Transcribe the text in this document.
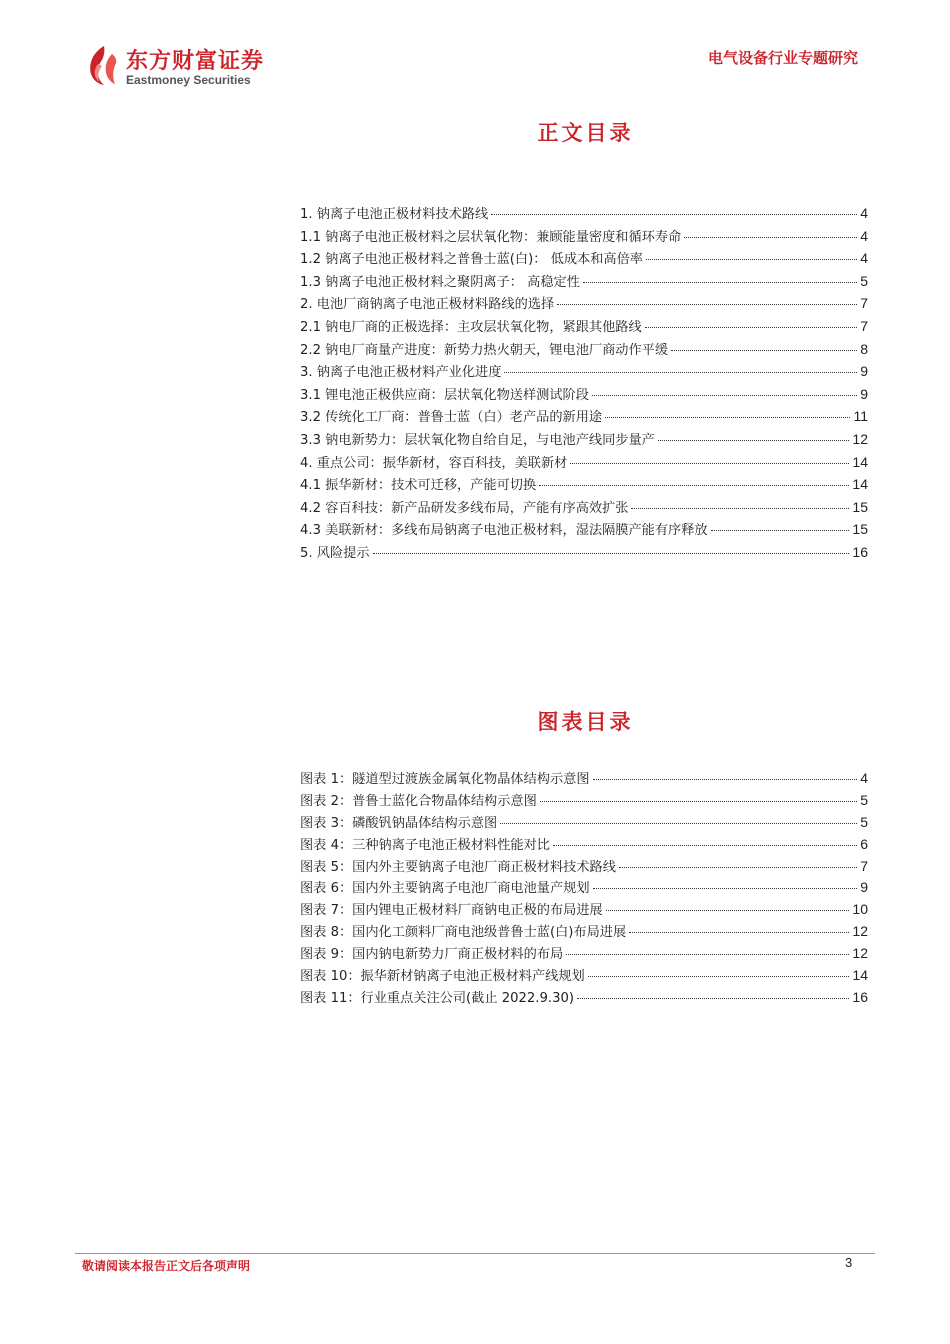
东方财富证券
Eastmoney Securities
电气设备行业专题研究
正文目录
1. 钠离子电池正极材料技术路线	4
1.1 钠离子电池正极材料之层状氧化物：兼顾能量密度和循环寿命	4
1.2 钠离子电池正极材料之普鲁士蓝(白)： 低成本和高倍率	4
1.3 钠离子电池正极材料之聚阴离子： 高稳定性	5
2. 电池厂商钠离子电池正极材料路线的选择	7
2.1 钠电厂商的正极选择：主攻层状氧化物，紧跟其他路线	7
2.2 钠电厂商量产进度：新势力热火朝天，锂电池厂商动作平缓	8
3. 钠离子电池正极材料产业化进度	9
3.1 锂电池正极供应商：层状氧化物送样测试阶段	9
3.2 传统化工厂商：普鲁士蓝（白）老产品的新用途	11
3.3 钠电新势力：层状氧化物自给自足，与电池产线同步量产	12
4. 重点公司：振华新材，容百科技，美联新材	14
4.1 振华新材：技术可迁移，产能可切换	14
4.2 容百科技：新产品研发多线布局，产能有序高效扩张	15
4.3 美联新材：多线布局钠离子电池正极材料，湿法隔膜产能有序释放	15
5. 风险提示	16
图表目录
图表 1：隧道型过渡族金属氧化物晶体结构示意图	4
图表 2：普鲁士蓝化合物晶体结构示意图	5
图表 3：磷酸钒钠晶体结构示意图	5
图表 4：三种钠离子电池正极材料性能对比	6
图表 5：国内外主要钠离子电池厂商正极材料技术路线	7
图表 6：国内外主要钠离子电池厂商电池量产规划	9
图表 7：国内锂电正极材料厂商钠电正极的布局进展	10
图表 8：国内化工颜料厂商电池级普鲁士蓝(白)布局进展	12
图表 9：国内钠电新势力厂商正极材料的布局	12
图表 10：振华新材钠离子电池正极材料产线规划	14
图表 11：行业重点关注公司(截止 2022.9.30)	16
敬请阅读本报告正文后各项声明	3
